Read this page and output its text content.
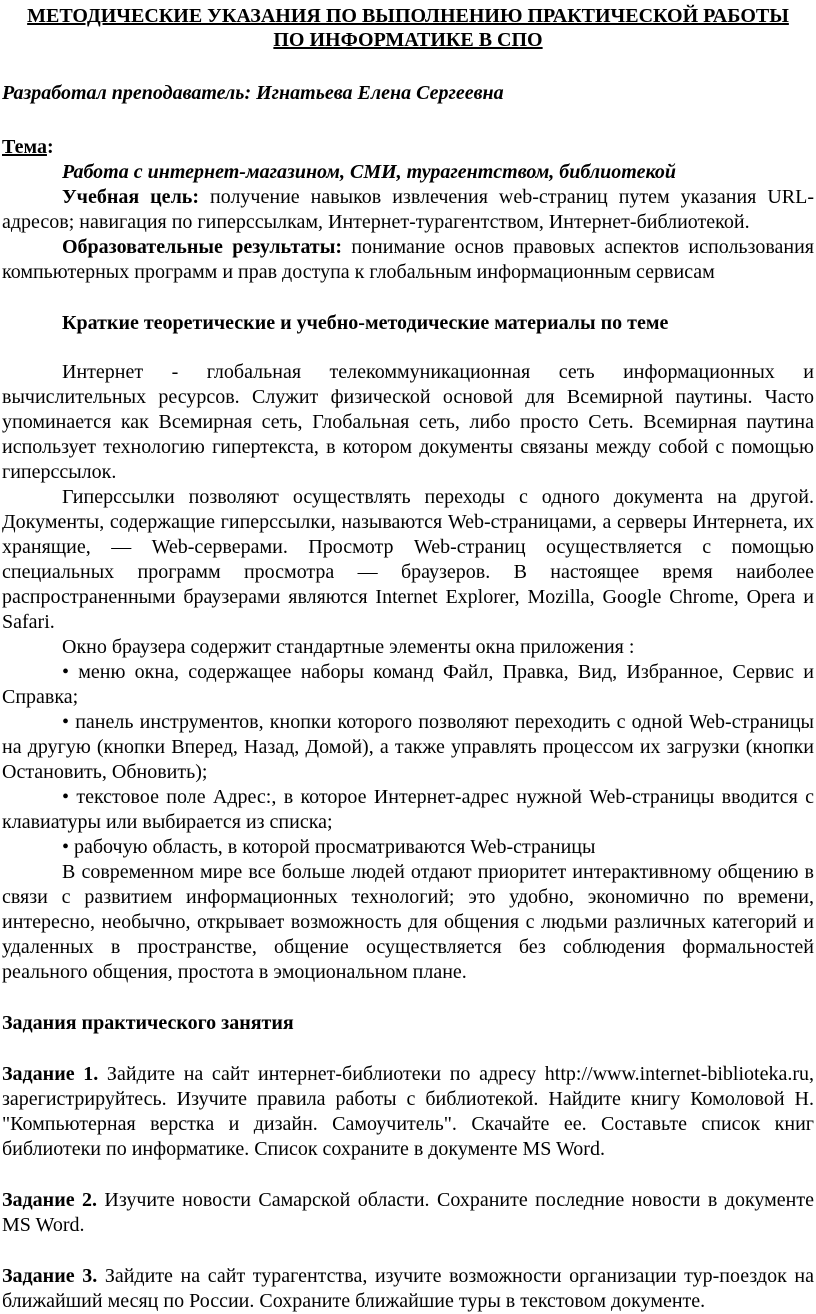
МЕТОДИЧЕСКИЕ УКАЗАНИЯ ПО ВЫПОЛНЕНИЮ ПРАКТИЧЕСКОЙ РАБОТЫ

ПО ИНФОРМАТИКЕ В СПО

Разработал преподаватель: Игнатьева Елена Сергеевна

Тема:

Работа с интернет-магазином, СМИ, турагентством, библиотекой

Учебная цель: получение навыков извлечения web-страниц путем указания URL-адресов; навигация по гиперссылкам, Интернет-турагентством, Интернет-библиотекой.

Образовательные результаты: понимание основ правовых аспектов использования компьютерных программ и прав доступа к глобальным информационным сервисам

Краткие теоретические и учебно-методические материалы по теме

Интернет - глобальная телекоммуникационная сеть информационных и вычислительных ресурсов. Служит физической основой для Всемирной паутины. Часто упоминается как Всемирная сеть, Глобальная сеть, либо просто Сеть. Всемирная паутина использует технологию гипертекста, в котором документы связаны между собой с помощью гиперссылок.

Гиперссылки позволяют осуществлять переходы с одного документа на другой. Документы, содержащие гиперссылки, называются Web-страницами, а серверы Интернета, их хранящие, — Web-серверами. Просмотр Web-страниц осуществляется с помощью специальных программ просмотра — браузеров. В настоящее время наиболее распространенными браузерами являются Internet Explorer, Mozilla, Google Chrome, Opera и Safari.

Окно браузера содержит стандартные элементы окна приложения :

• меню окна, содержащее наборы команд Файл, Правка, Вид, Избранное, Сервис и Справка;

• панель инструментов, кнопки которого позволяют переходить с одной Web-страницы на другую (кнопки Вперед, Назад, Домой), а также управлять процессом их загрузки (кнопки Остановить, Обновить);

• текстовое поле Адрес:, в которое Интернет-адрес нужной Web-страницы вводится с клавиатуры или выбирается из списка;

• рабочую область, в которой просматриваются Web-страницы

В современном мире все больше людей отдают приоритет интерактивному общению в связи с развитием информационных технологий; это удобно, экономично по времени, интересно, необычно, открывает возможность для общения с людьми различных категорий и удаленных в пространстве, общение осуществляется без соблюдения формальностей реального общения, простота в эмоциональном плане.

Задания практического занятия

Задание 1. Зайдите на сайт интернет-библиотеки по адресу http://www.internet-biblioteka.ru, зарегистрируйтесь. Изучите правила работы с библиотекой. Найдите книгу Комоловой Н. "Компьютерная верстка и дизайн. Самоучитель". Скачайте ее. Составьте список книг библиотеки по информатике. Список сохраните в документе MS Word.

Задание 2. Изучите новости Самарской области. Сохраните последние новости в документе MS Word.

Задание 3. Зайдите на сайт турагентства, изучите возможности организации тур-поездок на ближайший месяц по России. Сохраните ближайшие туры в текстовом документе.
